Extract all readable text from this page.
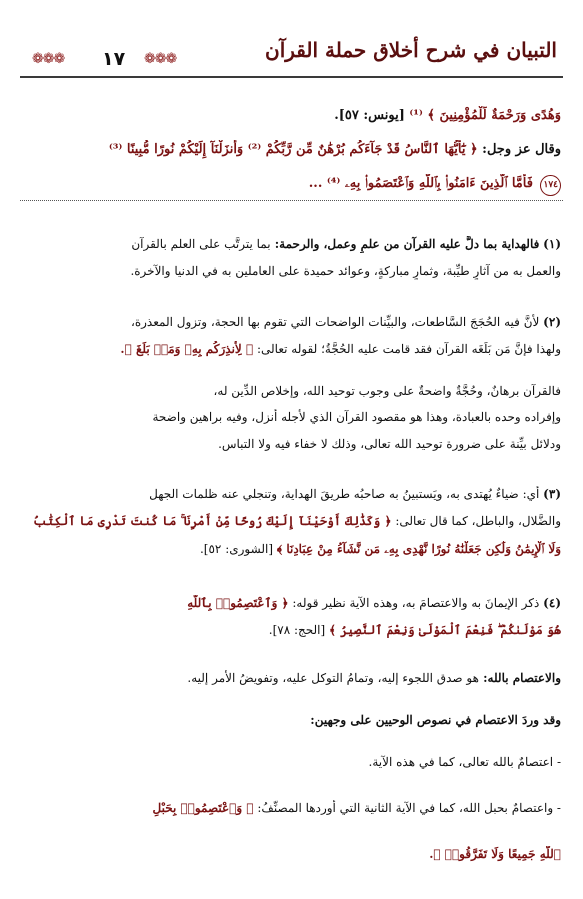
التبيان في شرح أخلاق حملة القرآن
❁❁❁
١٧
❁❁❁
وَهُدًى وَرَحْمَةٌ لِّلْمُؤْمِنِينَ ﴾ ⁽¹⁾ [يونس: ٥٧].
وقال عز وجل: ﴿ يَٰٓأَيُّهَا ٱلنَّاسُ قَدْ جَآءَكُم بُرْهَٰنٌ مِّن رَّبِّكُمْ ⁽²⁾ وَأَنزَلْنَآ إِلَيْكُمْ نُورًا مُّبِينًا ⁽³⁾
١٧٤ فَأَمَّا ٱلَّذِينَ ءَامَنُوا۟ بِٱللَّهِ وَٱعْتَصَمُوا۟ بِهِۦ ⁽⁴⁾ ...
(١) فالهداية بما دلَّ عليه القرآن من علمٍ وعمل، والرحمة: بما يترتَّب على العلم بالقرآن
والعمل به من آثارٍ طيِّبة، وثمارٍ مباركةٍ، وعوائد حميدة على العاملين به في الدنيا والآخرة.
(٢) لأنَّ فيه الحُجَجَ السَّاطعات، والبيِّنات الواضحات التي تقوم بها الحجة، وتزول المعذرة،
ولهذا فإنَّ مَن بَلَغَه القرآن فقد قامت عليه الحُجَّةُ؛ لقوله تعالى: ﴿ لِأُنذِرَكُم بِهِۦ وَمَنۢ بَلَغَ ﴾.
فالقرآن برهانٌ، وحُجَّةٌ واضحةٌ على وجوب توحيد الله، وإخلاص الدِّين له،
وإفراده وحده بالعبادة، وهذا هو مقصود القرآن الذي لأجله أُنزل، وفيه براهين واضحة
ودلائل بيِّنة على ضرورة توحيد الله تعالى، وذلك لا خفاء فيه ولا التباس.
(٣) أي: ضياءٌ يُهتدى به، ويَستبينُ به صاحبُه طريقَ الهداية، وتنجلي عنه ظلمات الجهل
والضَّلال، والباطل، كما قال تعالى: ﴿ وَكَذَٰلِكَ أَوْحَيْنَآ إِلَيْكَ رُوحًا مِّنْ أَمْرِنَا ۚ مَا كُنتَ تَدْرِى مَا ٱلْكِتَٰبُ
وَلَا ٱلْإِيمَٰنُ وَلَٰكِن جَعَلْنَٰهُ نُورًا نَّهْدِى بِهِۦ مَن نَّشَآءُ مِنْ عِبَادِنَا ﴾ [الشورى: ٥٢].
(٤) ذكر الإيمانَ به والاعتصامَ به، وهذه الآية نظير قوله: ﴿ وَٱعْتَصِمُوا۟ بِٱللَّهِ
هُوَ مَوْلَىٰكُمْ ۖ فَنِعْمَ ٱلْمَوْلَىٰ وَنِعْمَ ٱلنَّصِيرُ ﴾ [الحج: ٧٨].
والاعتصام بالله: هو صدق اللجوء إليه، وتمامُ التوكل عليه، وتفويضُ الأمر إليه.
وقد وردَ الاعتصام في نصوص الوحيين على وجهين:
- اعتصامٌ بالله تعالى، كما في هذه الآية.
- واعتصامٌ بحبل الله، كما في الآية الثانية التي أوردها المصنِّفُ: ﴿ وَٱعْتَصِمُوا۟ بِحَبْلِ
ٱللَّهِ جَمِيعًا وَلَا تَفَرَّقُوا۟ ﴾.
